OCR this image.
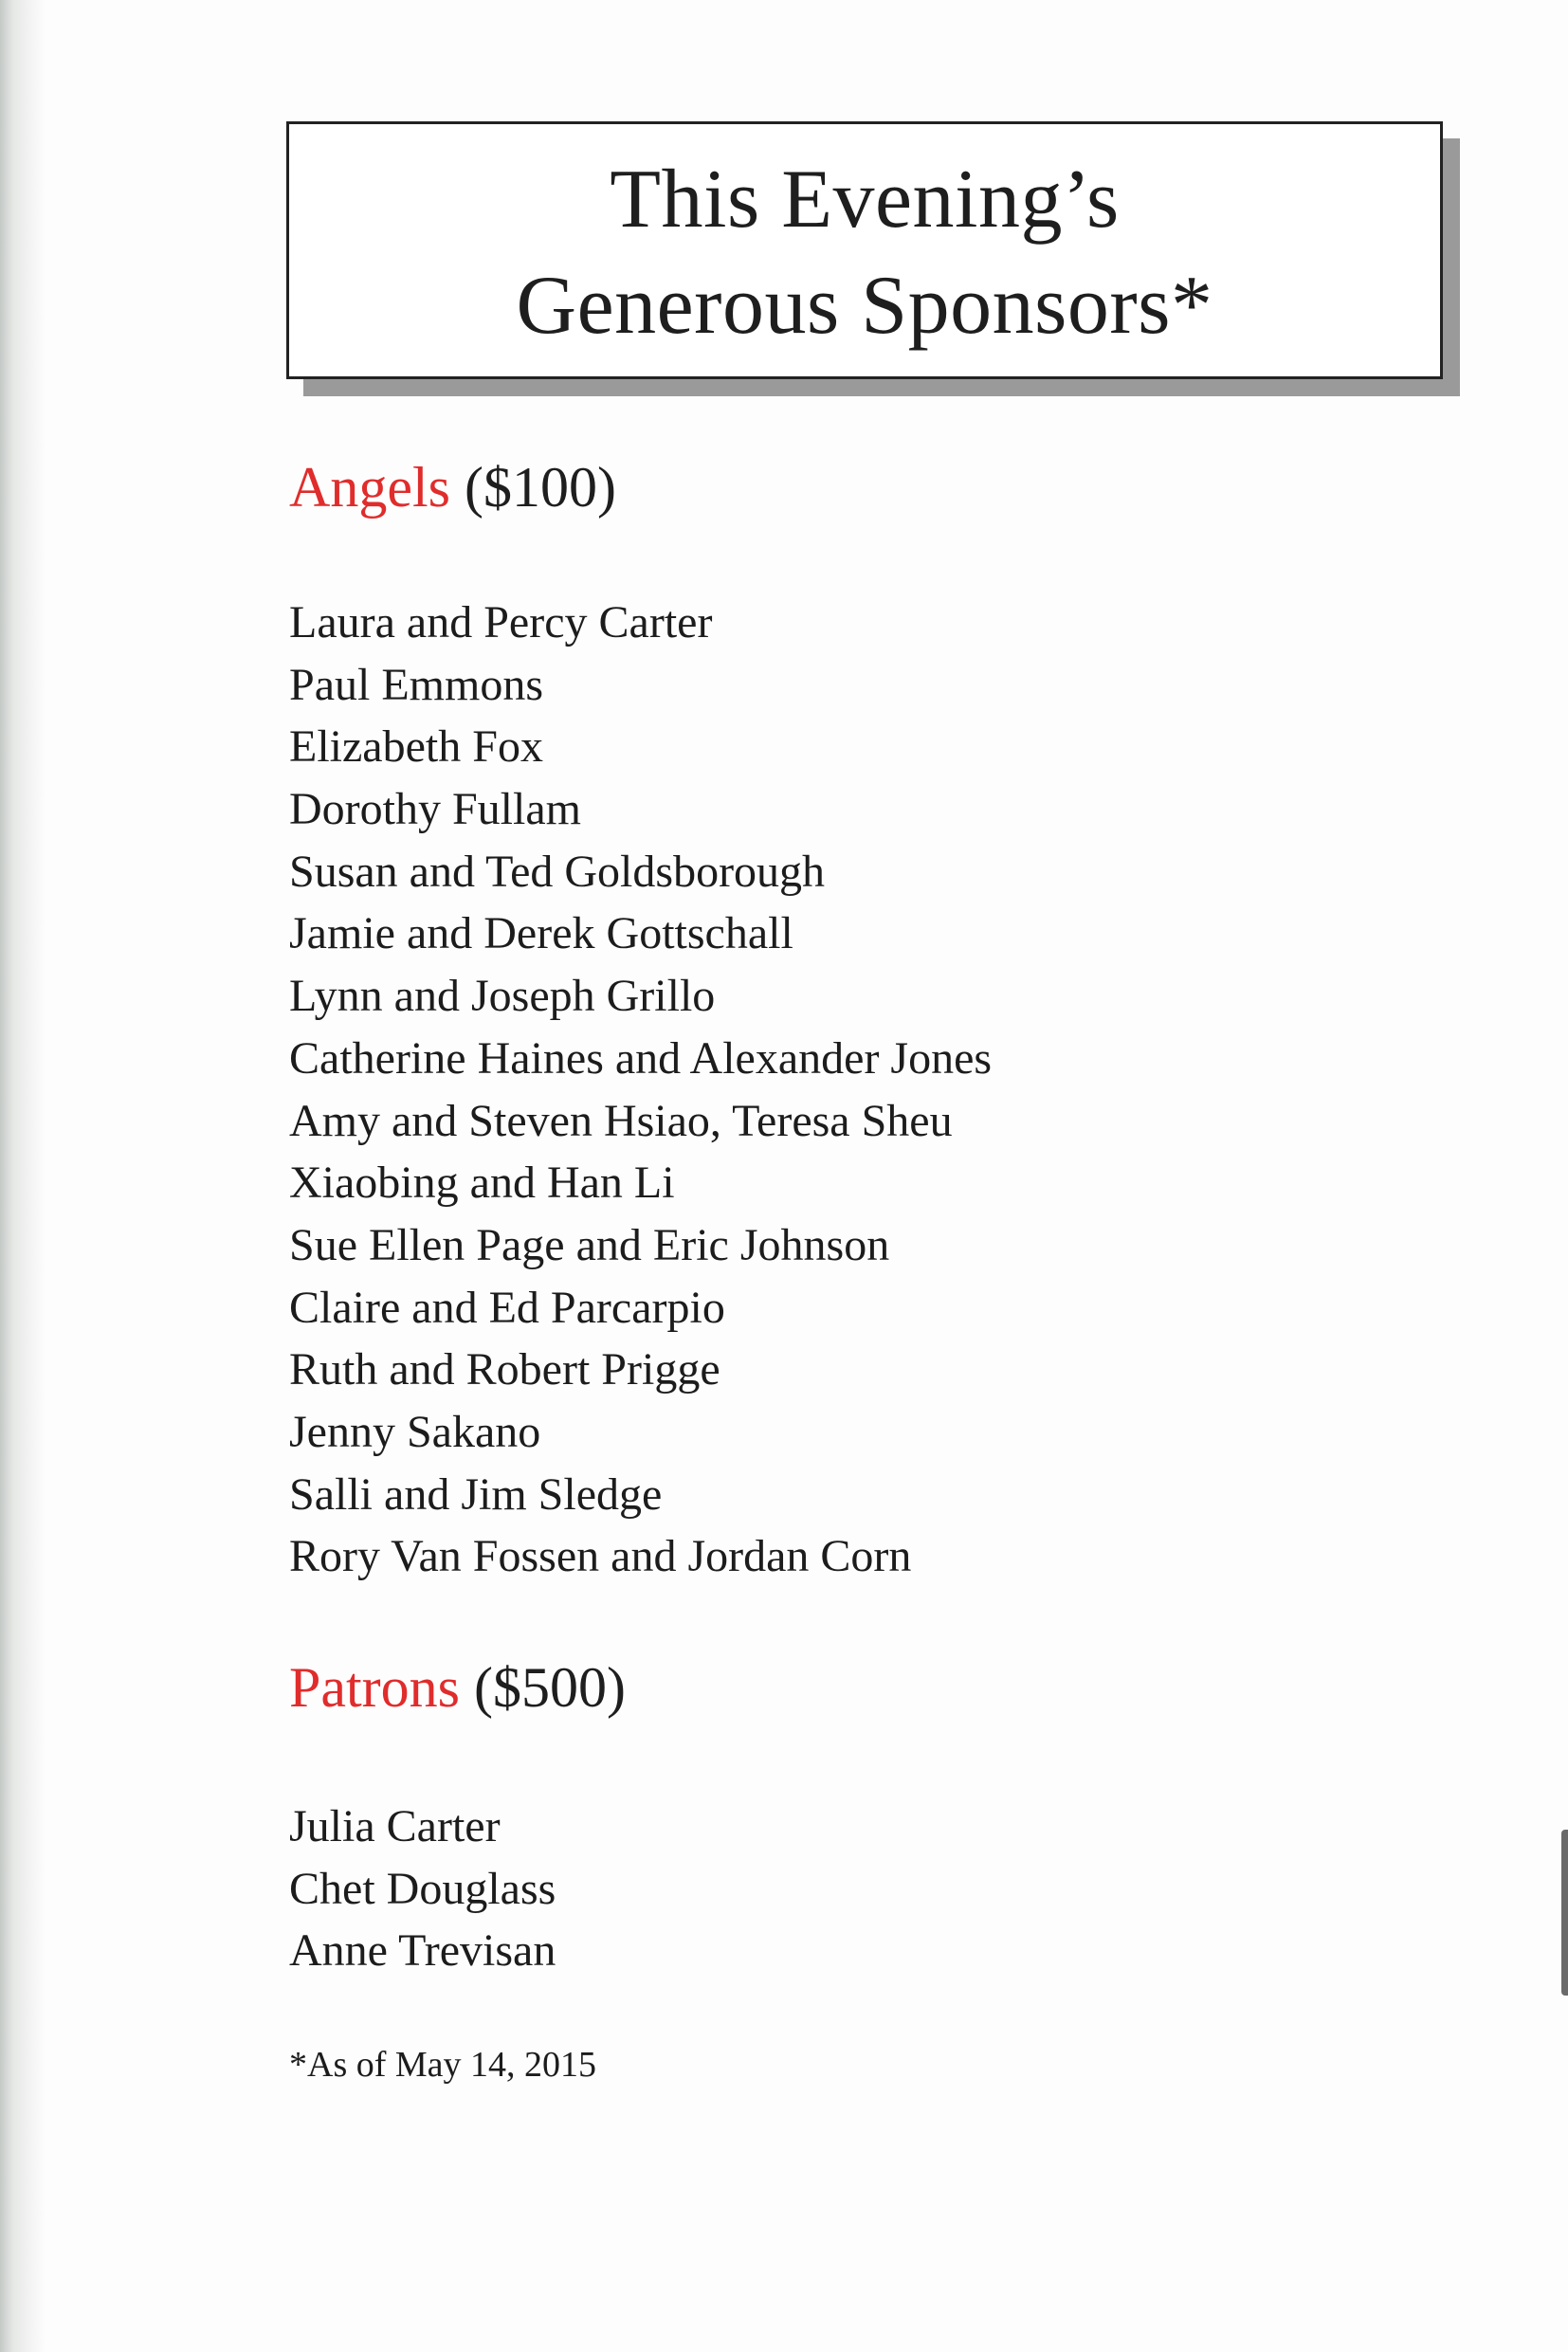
This Evening’s
Generous Sponsors*
Angels ($100)
Laura and Percy Carter
Paul Emmons
Elizabeth Fox
Dorothy Fullam
Susan and Ted Goldsborough
Jamie and Derek Gottschall
Lynn and Joseph Grillo
Catherine Haines and Alexander Jones
Amy and Steven Hsiao, Teresa Sheu
Xiaobing and Han Li
Sue Ellen Page and Eric Johnson
Claire and Ed Parcarpio
Ruth and Robert Prigge
Jenny Sakano
Salli and Jim Sledge
Rory Van Fossen and Jordan Corn
Patrons ($500)
Julia Carter
Chet Douglass
Anne Trevisan
*As of May 14, 2015
